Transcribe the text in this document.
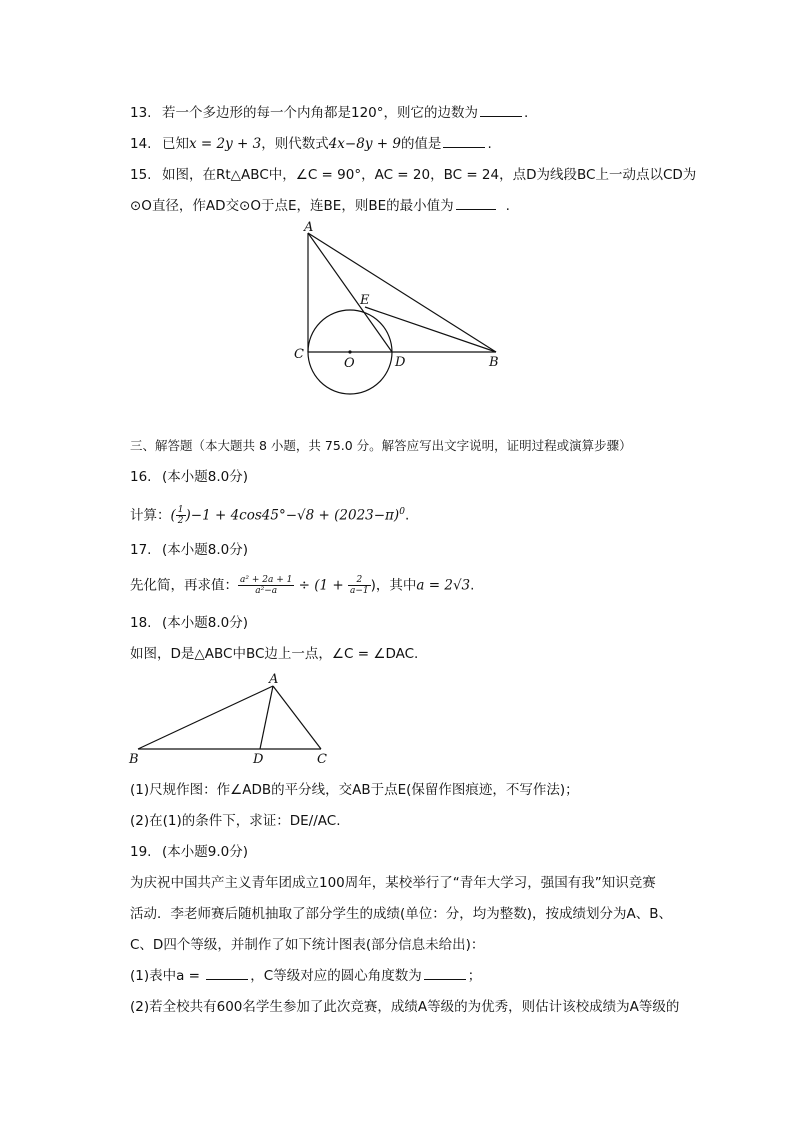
13. 若一个多边形的每一个内角都是120°，则它的边数为	.
14. 已知x = 2y + 3，则代数式4x−8y + 9的值是	.
15. 如图，在Rt△ABC中，∠C = 90°，AC = 20，BC = 24，点D为线段BC上一动点以CD为
⊙O直径，作AD交⊙O于点E，连BE，则BE的最小值为	.
A
E
C
O	D	B
三、解答题（本大题共 8 小题，共 75.0 分。解答应写出文字说明，证明过程或演算步骤）
16. (本小题8.0分)
计算：( $\frac{1}{2} )-1 + 4\cos 45^\circ-√8 + (2023-\pi)^0$.
17. (本小题8.0分)
先化简，再求值： $\frac{\text{a² + 2a + 1}}{\text{a²−a}} \div (1 + \frac{2}{a-1}$ )，其中a = 2√3.
18. (本小题8.0分)
如图，D是△ABC中BC边上一点，∠C = ∠DAC.
A
B	D	C
(1)尺规作图：作∠ADB的平分线，交AB于点E(保留作图痕迹，不写作法)；
(2)在(1)的条件下，求证：DE//AC.
19. (本小题9.0分)
为庆祝中国共产主义青年团成立100周年，某校举行了“青年大学习，强国有我”知识竞赛
活动．李老师赛后随机抽取了部分学生的成绩(单位：分，均为整数)，按成绩划分为A、B、
C、D四个等级，并制作了如下统计图表(部分信息未给出)：
(1)表中a =	，C等级对应的圆心角度数为	；
(2)若全校共有600名学生参加了此次竞赛，成绩A等级的为优秀，则估计该校成绩为A等级的
